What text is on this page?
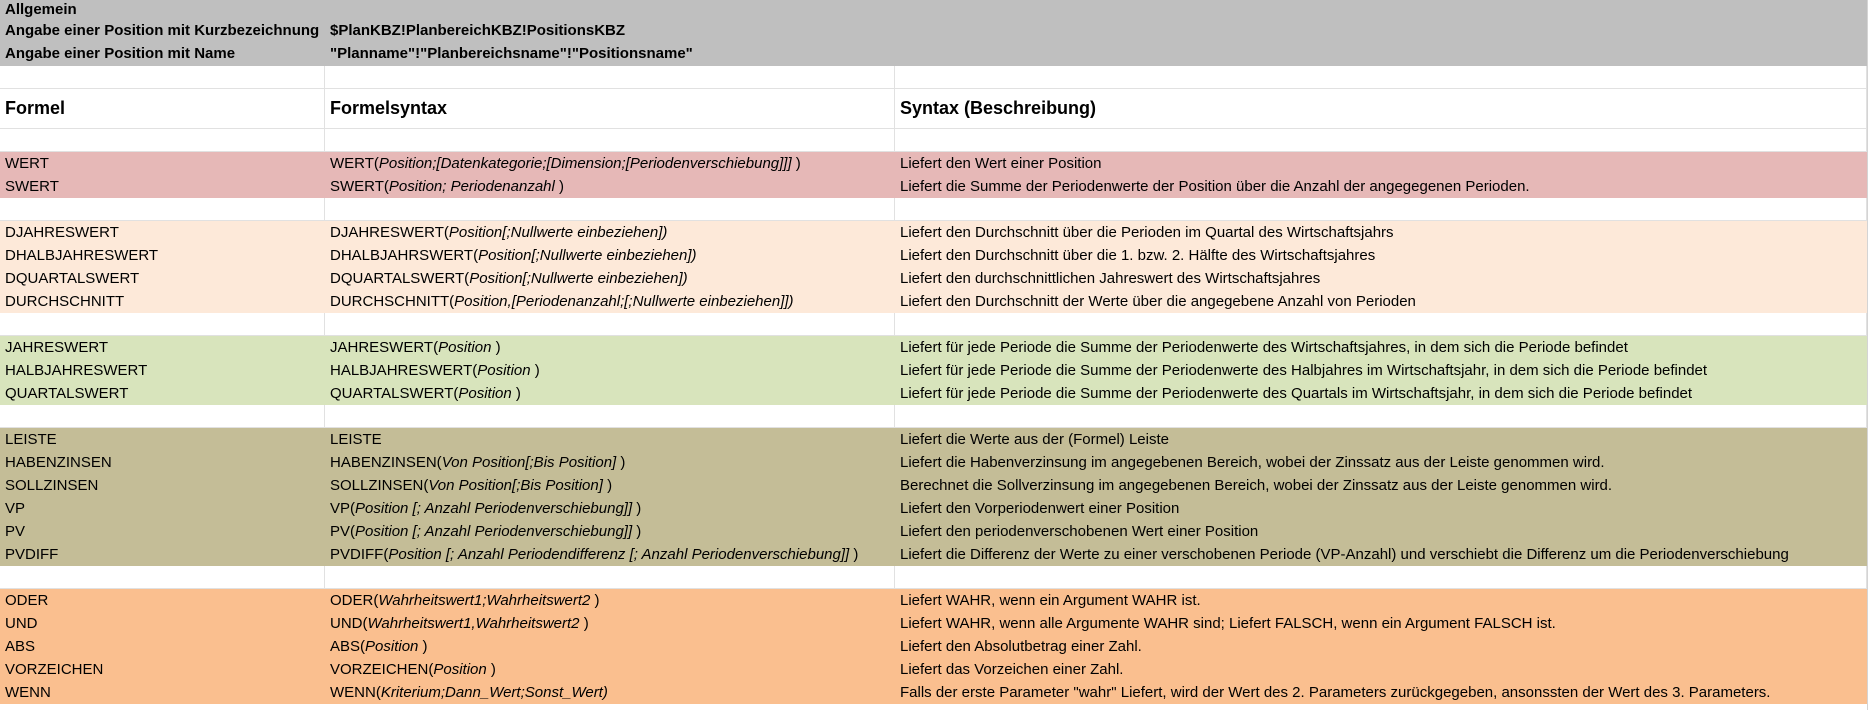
Allgemein
Angabe einer Position mit Kurzbezeichnung $PlanKBZ!PlanbereichKBZ!PositionsKBZ
Angabe einer Position mit Name	"Planname"!"Planbereichsname"!"Positionsname"
Formel	Formelsyntax	Syntax (Beschreibung)
WERT	WERT(Position;[Datenkategorie;[Dimension;[Periodenverschiebung]]] )	Liefert den Wert einer Position
SWERT	SWERT(Position; Periodenanzahl )	Liefert die Summe der Periodenwerte der Position über die Anzahl der angegegenen Perioden.
DJAHRESWERT	DJAHRESWERT(Position[;Nullwerte einbeziehen])	Liefert den Durchschnitt über die Perioden im Quartal des Wirtschaftsjahrs
DHALBJAHRESWERT	DHALBJAHRSWERT(Position[;Nullwerte einbeziehen])	Liefert den Durchschnitt über die 1. bzw. 2. Hälfte des Wirtschaftsjahres
DQUARTALSWERT	DQUARTALSWERT(Position[;Nullwerte einbeziehen])	Liefert den durchschnittlichen Jahreswert des Wirtschaftsjahres
DURCHSCHNITT	DURCHSCHNITT(Position,[Periodenanzahl;[;Nullwerte einbeziehen]])	Liefert den Durchschnitt der Werte über die angegebene Anzahl von Perioden
JAHRESWERT	JAHRESWERT(Position )	Liefert für jede Periode die Summe der Periodenwerte des Wirtschaftsjahres, in dem sich die Periode befindet
HALBJAHRESWERT	HALBJAHRESWERT(Position )	Liefert für jede Periode die Summe der Periodenwerte des Halbjahres im Wirtschaftsjahr, in dem sich die Periode befindet
QUARTALSWERT	QUARTALSWERT(Position )	Liefert für jede Periode die Summe der Periodenwerte des Quartals im Wirtschaftsjahr, in dem sich die Periode befindet
LEISTE	LEISTE	Liefert die Werte aus der (Formel) Leiste
HABENZINSEN	HABENZINSEN(Von Position[;Bis Position] )	Liefert die Habenverzinsung im angegebenen Bereich, wobei der Zinssatz aus der Leiste genommen wird.
SOLLZINSEN	SOLLZINSEN(Von Position[;Bis Position] )	Berechnet die Sollverzinsung im angegebenen Bereich, wobei der Zinssatz aus der Leiste genommen wird.
VP	VP(Position [; Anzahl Periodenverschiebung]] )	Liefert den Vorperiodenwert einer Position
PV	PV(Position [; Anzahl Periodenverschiebung]] )	Liefert den periodenverschobenen Wert einer Position
PVDIFF	PVDIFF(Position [; Anzahl Periodendifferenz [; Anzahl Periodenverschiebung]] )	Liefert die Differenz der Werte zu einer verschobenen Periode (VP-Anzahl) und verschiebt die Differenz um die Periodenverschiebung
ODER	ODER(Wahrheitswert1;Wahrheitswert2 )	Liefert WAHR, wenn ein Argument WAHR ist.
UND	UND(Wahrheitswert1,Wahrheitswert2 )	Liefert WAHR, wenn alle Argumente WAHR sind; Liefert FALSCH, wenn ein Argument FALSCH ist.
ABS	ABS(Position )	Liefert den Absolutbetrag einer Zahl.
VORZEICHEN	VORZEICHEN(Position )	Liefert das Vorzeichen einer Zahl.
WENN	WENN(Kriterium;Dann_Wert;Sonst_Wert)	Falls der erste Parameter "wahr" Liefert, wird der Wert des 2. Parameters zurückgegeben, ansonssten der Wert des 3. Parameters.
